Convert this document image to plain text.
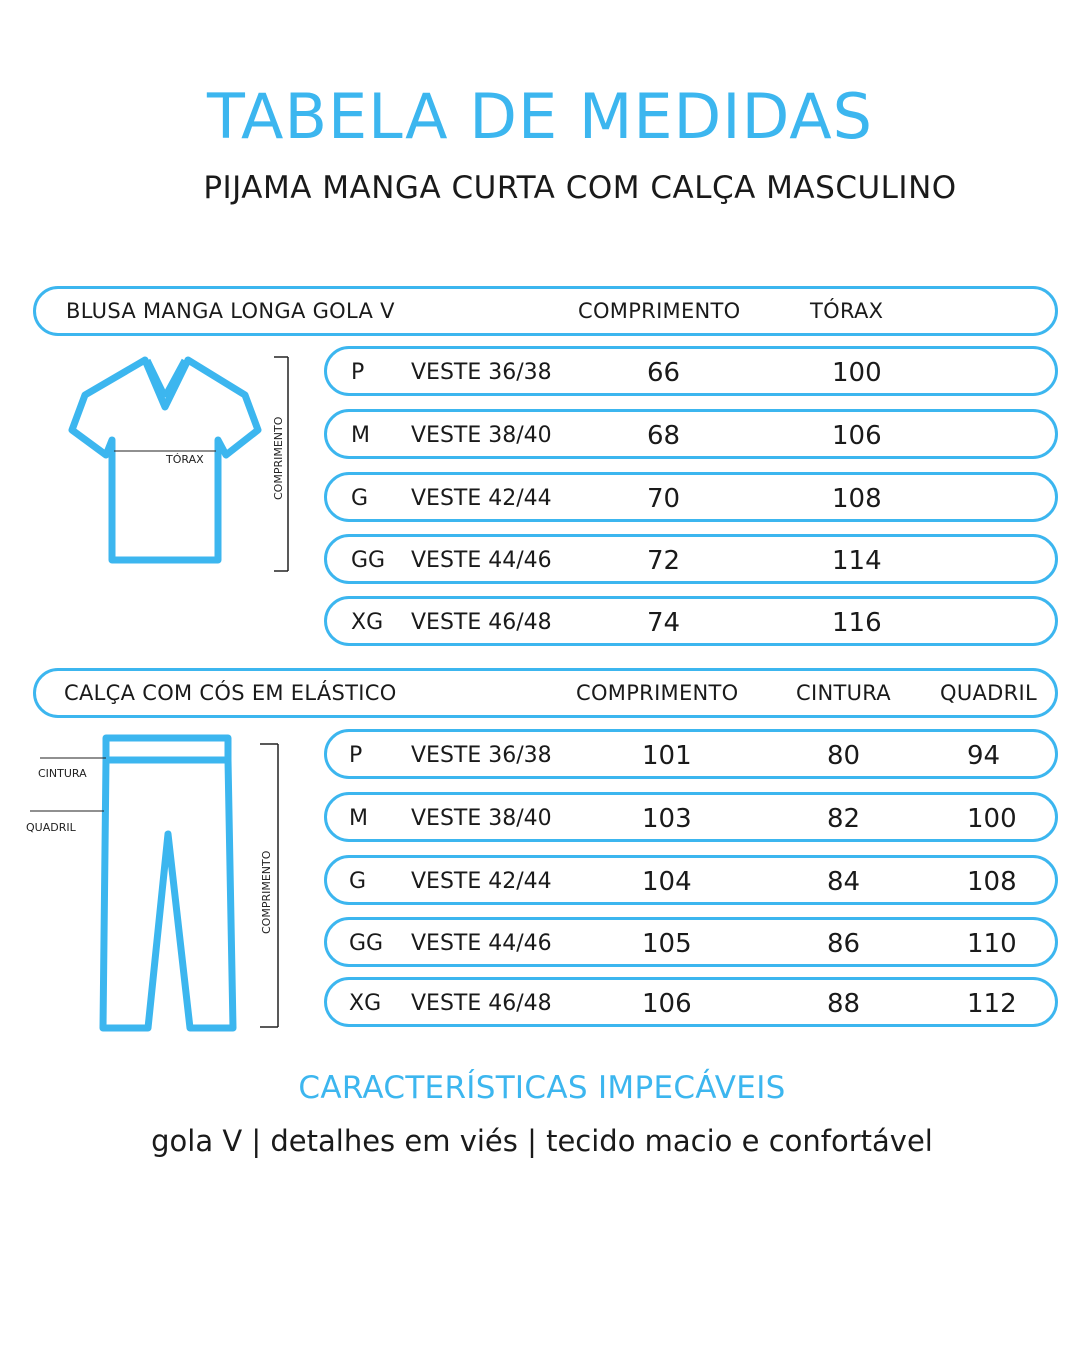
TABELA DE MEDIDAS
PIJAMA MANGA CURTA COM CALÇA MASCULINO
BLUSA MANGA LONGA GOLA V	COMPRIMENTO	TÓRAX
TÓRAX	COMPRIMENTO
P VESTE 36/38	66	100
M VESTE 38/40	68	106
G VESTE 42/44	70	108
GG VESTE 44/46	72	114
XG VESTE 46/48	74	116
CALÇA COM CÓS EM ELÁSTICO	COMPRIMENTO	CINTURA QUADRIL
CINTURA
QUADRIL
COMPRIMENTO
P VESTE 36/38	101	80	94
M VESTE 38/40	103	82	100
G VESTE 42/44	104	84	108
GG VESTE 44/46	105	86	110
XG VESTE 46/48	106	88	112
CARACTERÍSTICAS IMPECÁVEIS
gola V | detalhes em viés | tecido macio e confortável
